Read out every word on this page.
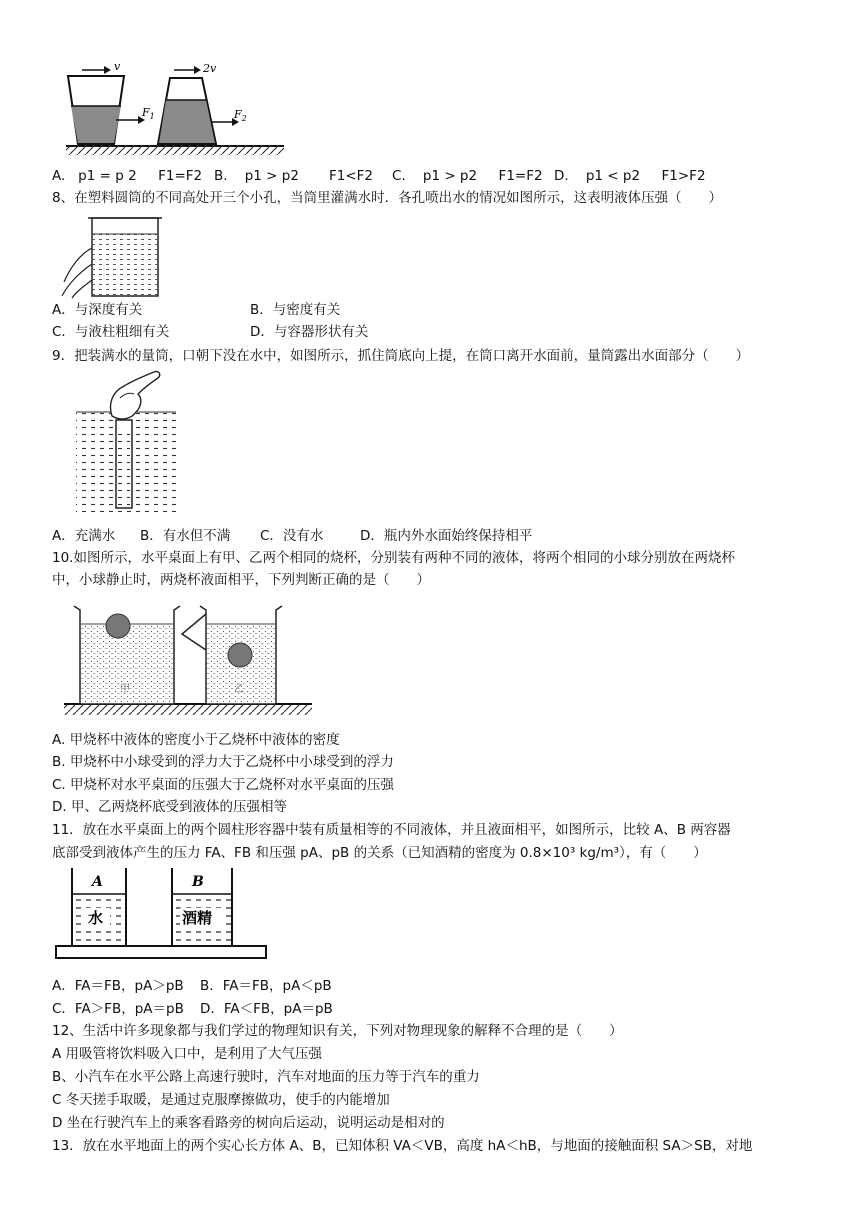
v
$F_1$
2v
$F_2$
A.   p1 = p 2     F1=F2 B.    p1 > p2       F1<F2 C.    p1 > p2     F1=F2 D.    p1 < p2     F1>F2
8、在塑料圆筒的不同高处开三个小孔，当筒里灌满水时．各孔喷出水的情况如图所示，这表明液体压强（　　）
A．与深度有关	B．与密度有关
C．与液柱粗细有关	D．与容器形状有关
9．把装满水的量筒，口朝下没在水中，如图所示，抓住筒底向上提，在筒口离开水面前，量筒露出水面部分（　　）
A．充满水 B．有水但不满 C．没有水	D．瓶内外水面始终保持相平
10.如图所示，水平桌面上有甲、乙两个相同的烧杯，分别装有两种不同的液体，将两个相同的小球分别放在两烧杯
中，小球静止时，两烧杯液面相平，下列判断正确的是（　　）
甲	乙
A. 甲烧杯中液体的密度小于乙烧杯中液体的密度
B. 甲烧杯中小球受到的浮力大于乙烧杯中小球受到的浮力
C. 甲烧杯对水平桌面的压强大于乙烧杯对水平桌面的压强
D. 甲、乙两烧杯底受到液体的压强相等
11．放在水平桌面上的两个圆柱形容器中装有质量相等的不同液体，并且液面相平，如图所示，比较 A、B 两容器
底部受到液体产生的压力 FA、FB 和压强 pA、pB 的关系（已知酒精的密度为 0.8×10³ kg/m³），有（　　）
A
水
B
酒精
A．FA＝FB，pA＞pB B．FA＝FB，pA＜pB
C．FA＞FB，pA＝pB D．FA＜FB，pA＝pB
12、生活中许多现象都与我们学过的物理知识有关，下列对物理现象的解释不合理的是（　　）
A 用吸管将饮料吸入口中，是利用了大气压强
B、小汽车在水平公路上高速行驶时，汽车对地面的压力等于汽车的重力
C 冬天搓手取暖，是通过克服摩擦做功，使手的内能增加
D 坐在行驶汽车上的乘客看路旁的树向后运动，说明运动是相对的
13．放在水平地面上的两个实心长方体 A、B，已知体积 VA＜VB，高度 hA＜hB，与地面的接触面积 SA＞SB，对地
